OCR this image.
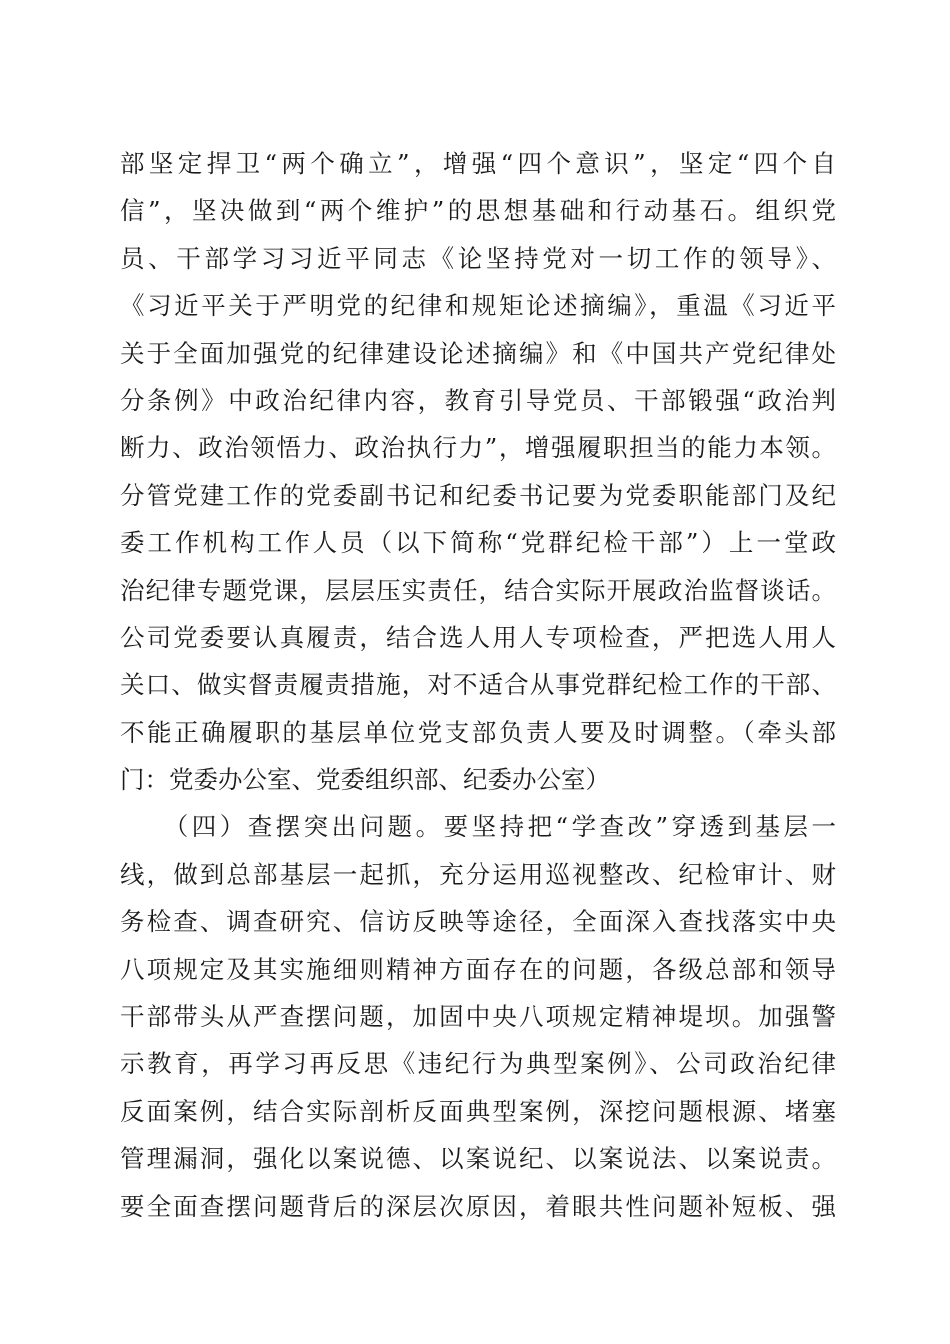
部坚定捍卫“两个确立”，增强“四个意识”，坚定“四个自
信”，坚决做到“两个维护”的思想基础和行动基石。组织党
员、干部学习习近平同志《论坚持党对一切工作的领导》、
《习近平关于严明党的纪律和规矩论述摘编》，重温《习近平
关于全面加强党的纪律建设论述摘编》和《中国共产党纪律处
分条例》中政治纪律内容，教育引导党员、干部锻强“政治判
断力、政治领悟力、政治执行力”，增强履职担当的能力本领。
分管党建工作的党委副书记和纪委书记要为党委职能部门及纪
委工作机构工作人员（以下简称“党群纪检干部”）上一堂政
治纪律专题党课，层层压实责任，结合实际开展政治监督谈话。
公司党委要认真履责，结合选人用人专项检查，严把选人用人
关口、做实督责履责措施，对不适合从事党群纪检工作的干部、
不能正确履职的基层单位党支部负责人要及时调整。（牵头部
门：党委办公室、党委组织部、纪委办公室）
　　（四）查摆突出问题。要坚持把“学查改”穿透到基层一
线，做到总部基层一起抓，充分运用巡视整改、纪检审计、财
务检查、调查研究、信访反映等途径，全面深入查找落实中央
八项规定及其实施细则精神方面存在的问题，各级总部和领导
干部带头从严查摆问题，加固中央八项规定精神堤坝。加强警
示教育，再学习再反思《违纪行为典型案例》、公司政治纪律
反面案例，结合实际剖析反面典型案例，深挖问题根源、堵塞
管理漏洞，强化以案说德、以案说纪、以案说法、以案说责。
要全面查摆问题背后的深层次原因，着眼共性问题补短板、强
